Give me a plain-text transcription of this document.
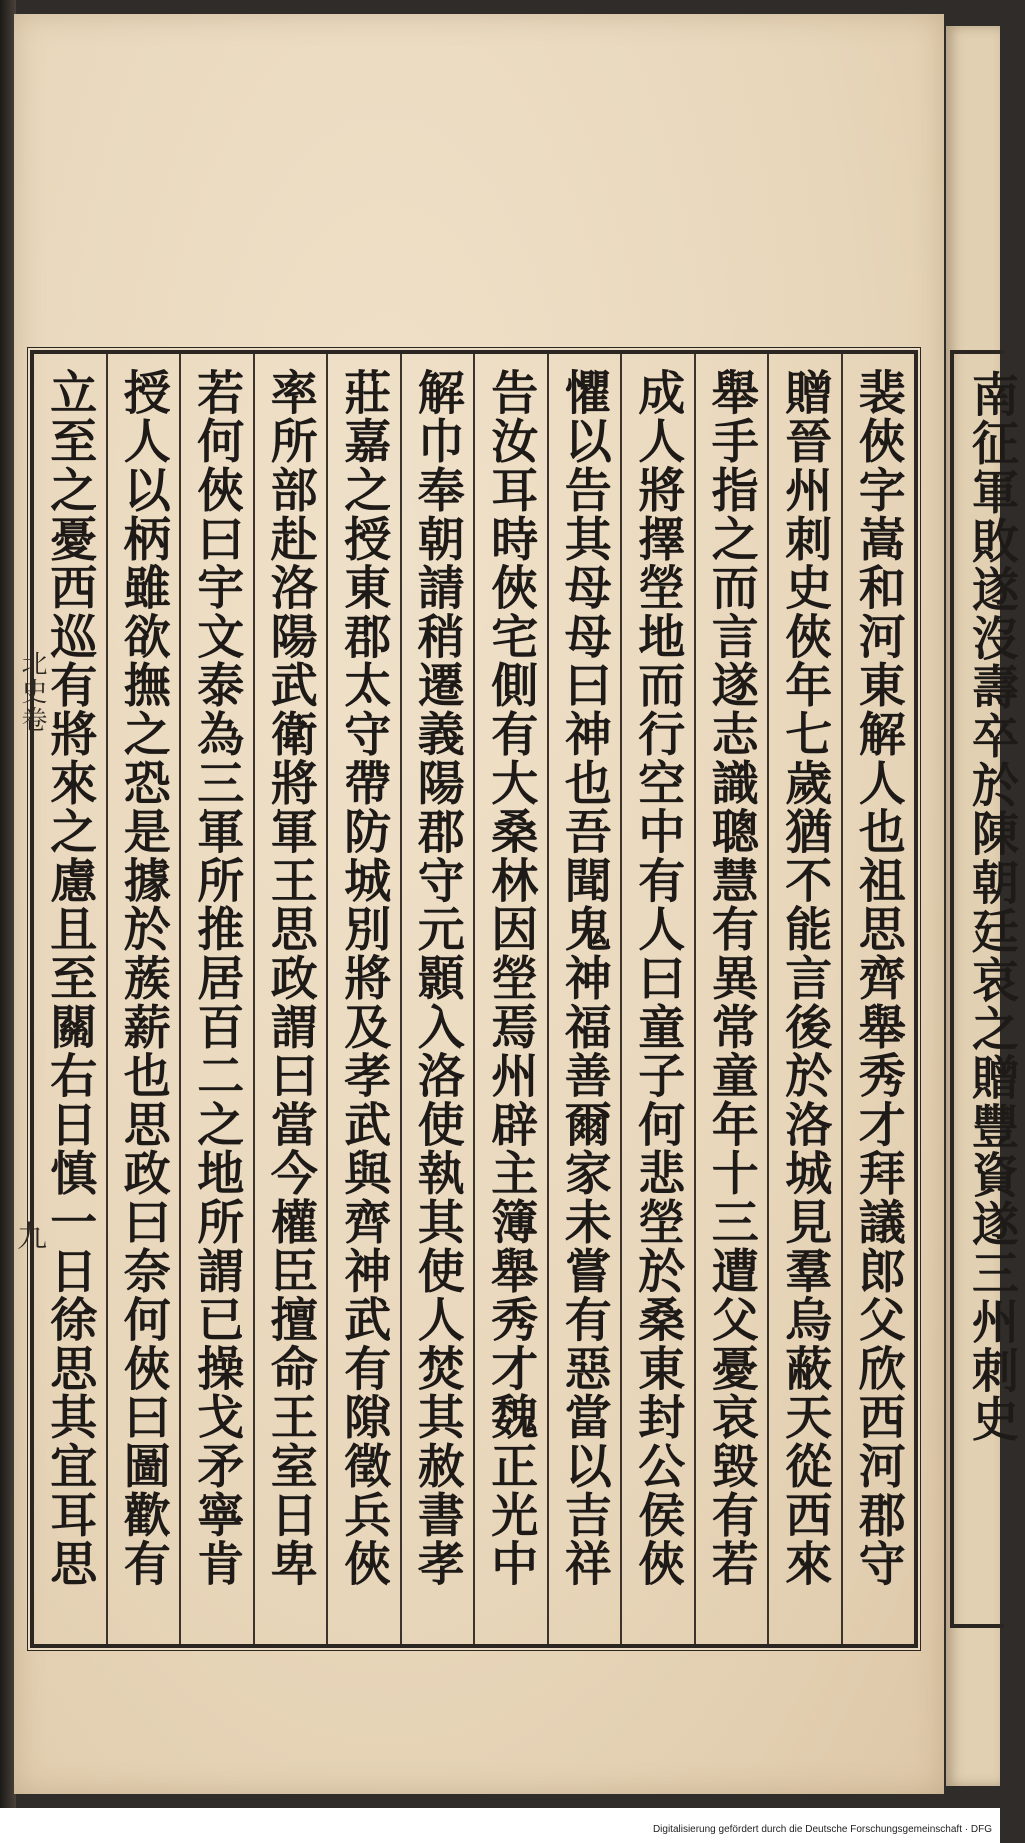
裴俠字嵩和河東解人也祖思齊舉秀才拜議郎父欣西河郡守
贈晉州刺史俠年七歲猶不能言後於洛城見羣烏蔽天從西來
舉手指之而言遂志識聰慧有異常童年十三遭父憂哀毀有若
成人將擇塋地而行空中有人曰童子何悲塋於桑東封公侯俠
懼以告其母母曰神也吾聞鬼神福善爾家未嘗有惡當以吉祥
告汝耳時俠宅側有大桑林因塋焉州辟主簿舉秀才魏正光中
解巾奉朝請稍遷義陽郡守元顥入洛使執其使人焚其赦書孝
莊嘉之授東郡太守帶防城別將及孝武與齊神武有隙徵兵俠
率所部赴洛陽武衛將軍王思政謂曰當今權臣擅命王室日卑
若何俠曰宇文泰為三軍所推居百二之地所謂已操戈矛寧肯
授人以柄雖欲撫之恐是據於蔟薪也思政曰奈何俠曰圖歡有
立至之憂西巡有將來之慮且至關右日慎一日徐思其宜耳思
北史卷
九	南征軍敗遂沒壽卒於陳朝廷哀之贈豐資遂三州刺史
Digitalisierung gefördert durch die Deutsche Forschungsgemeinschaft · DFG
